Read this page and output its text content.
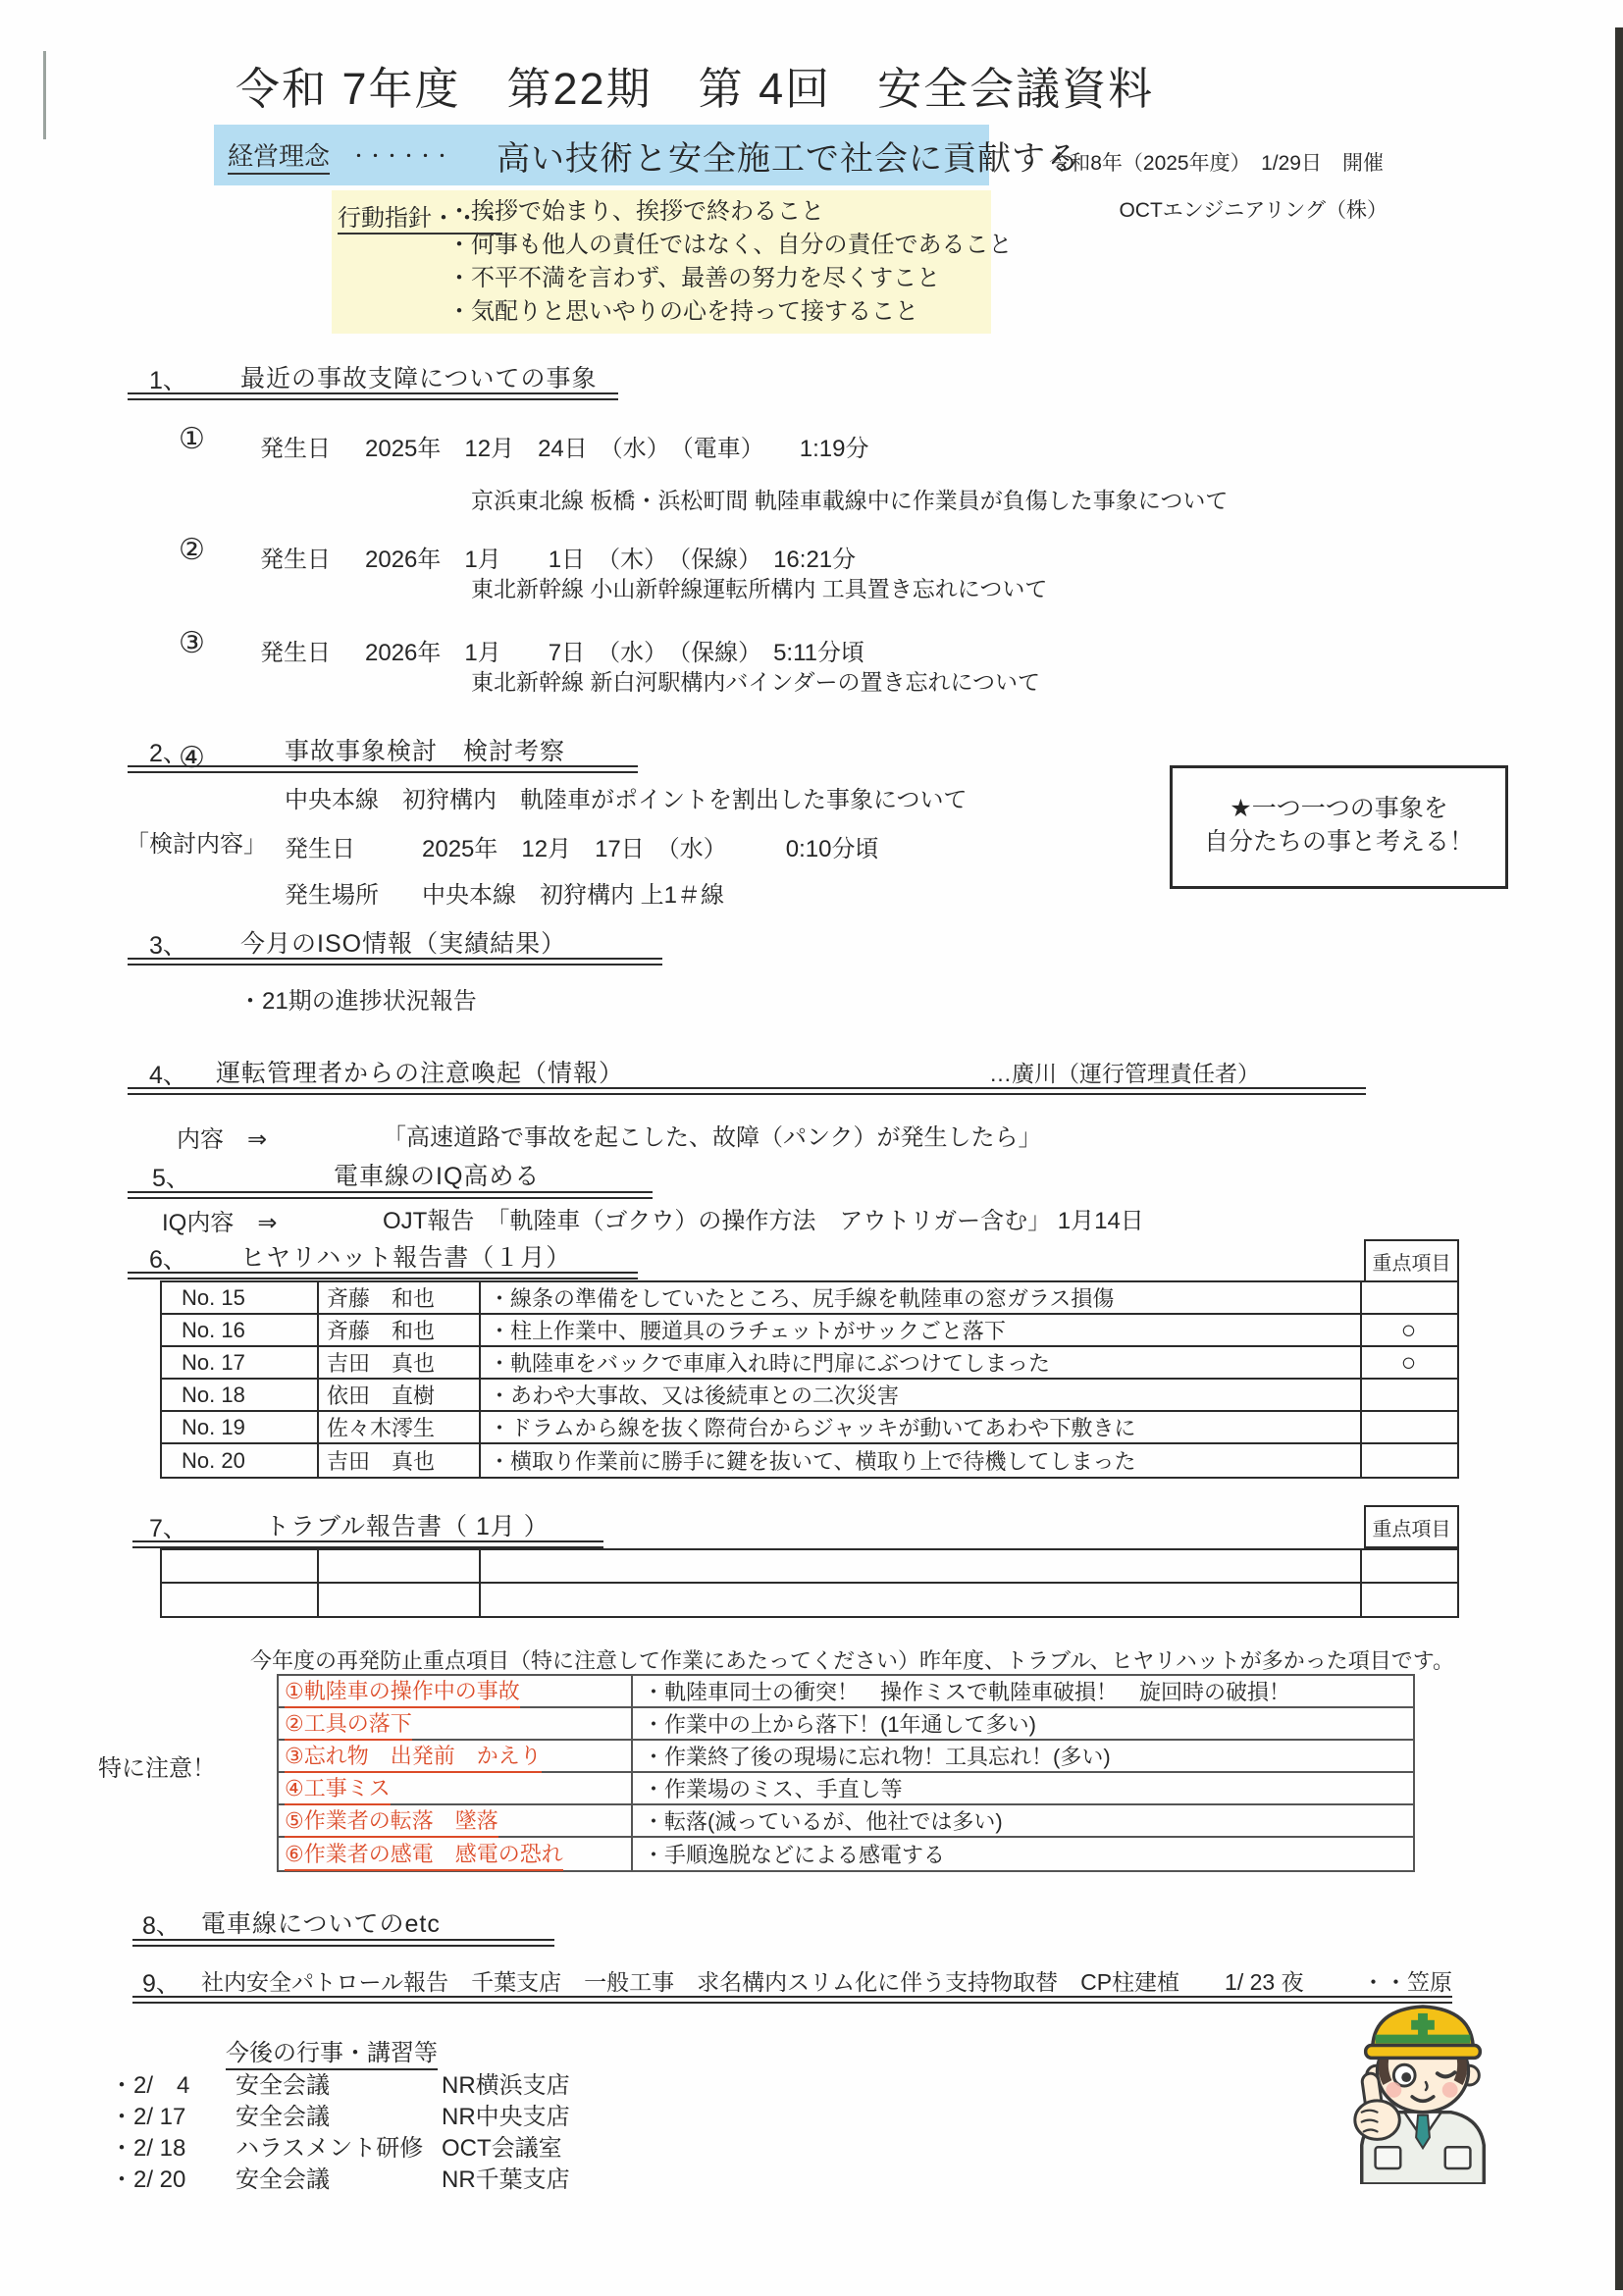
令和 7年度　第22期　第 4回　安全会議資料
令和8年（2025年度）　1/29日　開催
OCTエンジニアリング（株）
経営理念 ・・・・・・ 高い技術と安全施工で社会に貢献する
行動指針・・・
・挨拶で始まり、挨拶で終わること
・何事も他人の責任ではなく、自分の責任であること
・不平不満を言わず、最善の努力を尽くすこと
・気配りと思いやりの心を持って接すること
1、 最近の事故支障についての事象
① 発生日 2025年　12月　24日　（水）　（電車）　　1:19分
京浜東北線 板橋・浜松町間 軌陸車載線中に作業員が負傷した事象について
② 発生日 2026年　1月　　1日　（木）　（保線）　16:21分
東北新幹線 小山新幹線運転所構内 工具置き忘れについて
③ 発生日 2026年　1月　　7日　（水）　（保線）　5:11分頃
東北新幹線 新白河駅構内バインダーの置き忘れについて
④
2、	事故事象検討　検討考察
中央本線　初狩構内　軌陸車がポイントを割出した事象について
「検討内容」 発生日	2025年　12月　17日　（水）　　　0:10分頃
発生場所 中央本線　初狩構内 上1＃線
★一つ一つの事象を
自分たちの事と考える！
3、 今月のISO情報（実績結果）
・21期の進捗状況報告
4、 運転管理者からの注意喚起（情報）	…廣川（運行管理責任者）
内容　⇒	「高速道路で事故を起こした、故障（パンク）が発生したら」
5、	電車線のIQ高める
IQ内容　⇒	OJT報告　「軌陸車（ゴクウ）の操作方法　アウトリガー含む」 1月14日
6、 ヒヤリハット報告書（１月）	重点項目
No. 15	斉藤　和也	・線条の準備をしていたところ、尻手線を軌陸車の窓ガラス損傷
No. 16	斉藤　和也	・柱上作業中、腰道具のラチェットがサックごと落下	○
No. 17	吉田　真也	・軌陸車をバックで車庫入れ時に門扉にぶつけてしまった	○
No. 18	依田　直樹	・あわや大事故、又は後続車との二次災害
No. 19	佐々木澪生	・ドラムから線を抜く際荷台からジャッキが動いてあわや下敷きに
No. 20	吉田　真也	・横取り作業前に勝手に鍵を抜いて、横取り上で待機してしまった
7、	トラブル報告書（ 1月 ）	重点項目
今年度の再発防止重点項目（特に注意して作業にあたってください）昨年度、トラブル、ヒヤリハットが多かった項目です。
特に注意！
①軌陸車の操作中の事故	・軌陸車同士の衝突！　操作ミスで軌陸車破損！　旋回時の破損！
②工具の落下	・作業中の上から落下！(1年通して多い)
③忘れ物　出発前　かえり	・作業終了後の現場に忘れ物！工具忘れ！(多い)
④工事ミス	・作業場のミス、手直し等
⑤作業者の転落　墜落	・転落(減っているが、他社では多い)
⑥作業者の感電　感電の恐れ	・手順逸脱などによる感電する
8、 電車線についてのetc
9、 社内安全パトロール報告　千葉支店　一般工事　求名構内スリム化に伴う支持物取替　CP柱建植　　1/ 23 夜	・・笠原
今後の行事・講習等
・2/　4	安全会議	NR横浜支店
・2/ 17	安全会議	NR中央支店
・2/ 18	ハラスメント研修 OCT会議室
・2/ 20	安全会議	NR千葉支店
